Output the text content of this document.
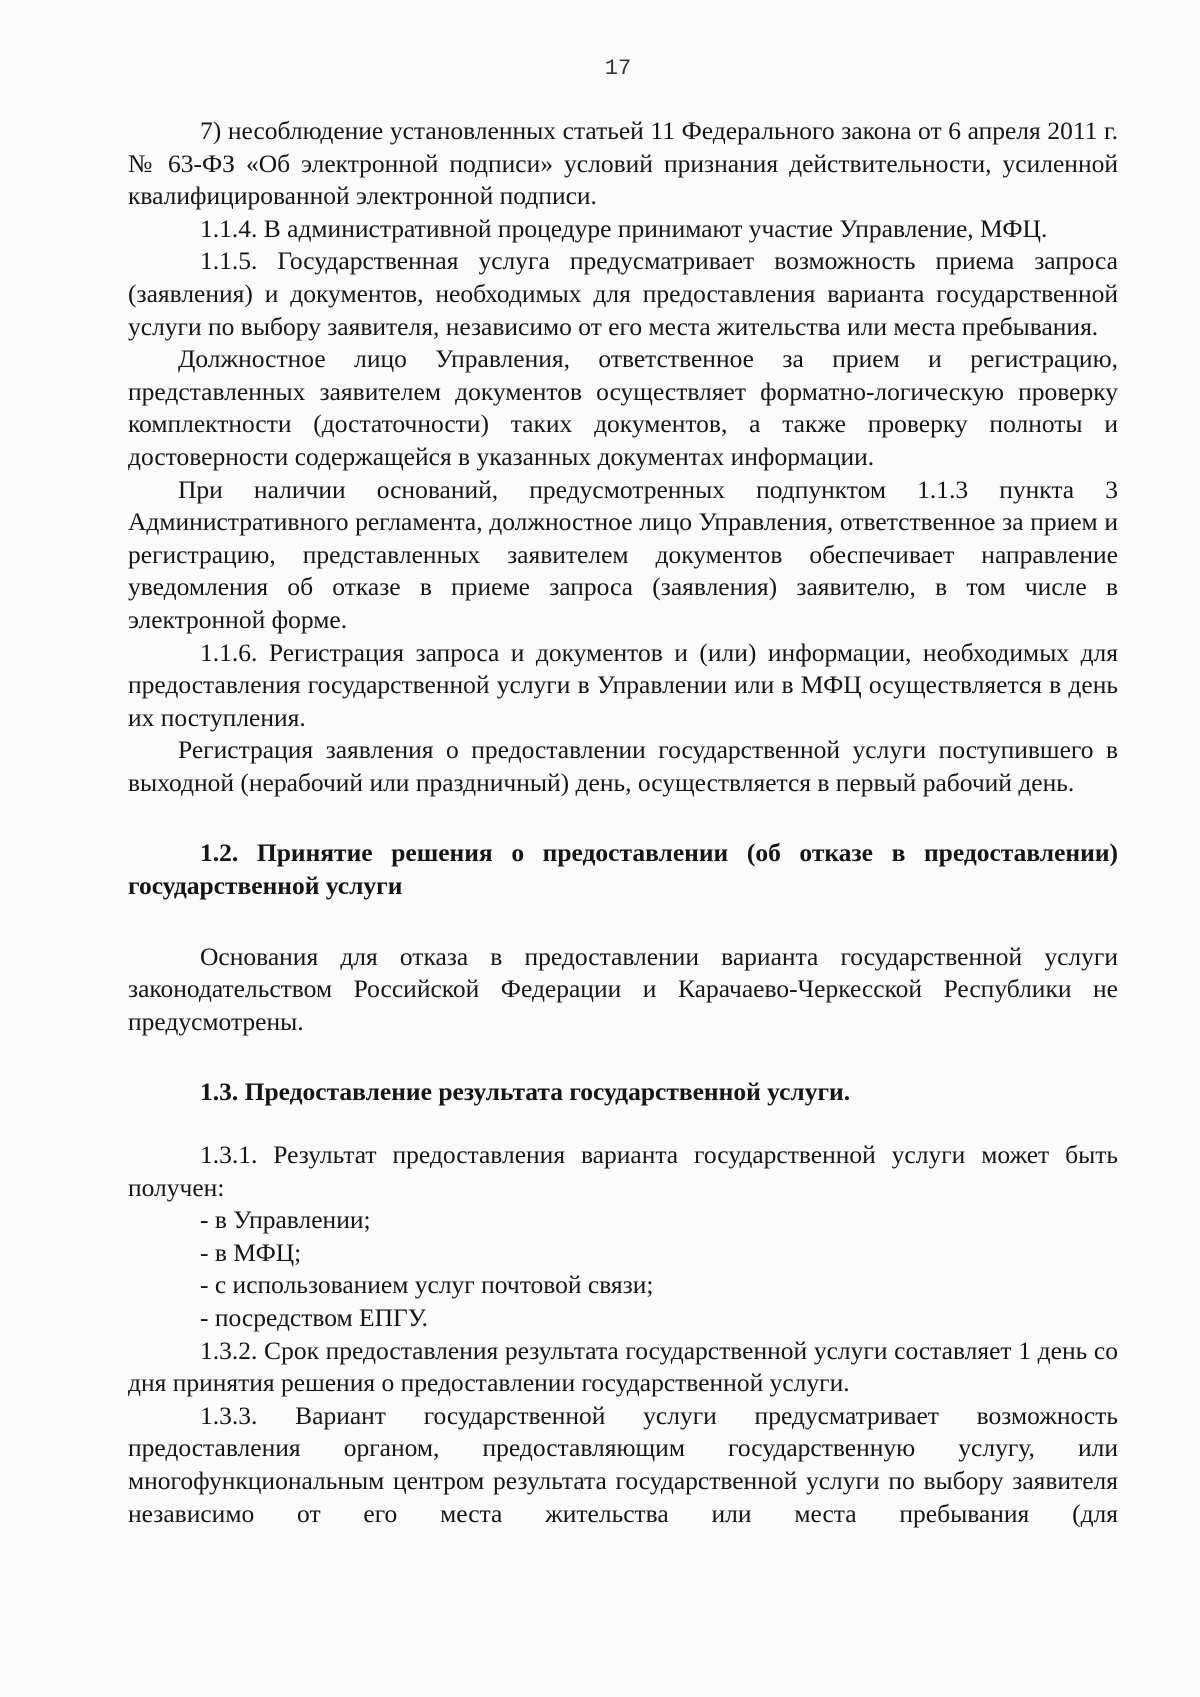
17

7) несоблюдение установленных статьей 11 Федерального закона от 6 апреля 2011 г. № 63-ФЗ «Об электронной подписи» условий признания действительности, усиленной квалифицированной электронной подписи.

1.1.4. В административной процедуре принимают участие Управление, МФЦ.

1.1.5. Государственная услуга предусматривает возможность приема запроса (заявления) и документов, необходимых для предоставления варианта государственной услуги по выбору заявителя, независимо от его места жительства или места пребывания.

Должностное лицо Управления, ответственное за прием и регистрацию, представленных заявителем документов осуществляет форматно-логическую проверку комплектности (достаточности) таких документов, а также проверку полноты и достоверности содержащейся в указанных документах информации.

При наличии оснований, предусмотренных подпунктом 1.1.3 пункта 3 Административного регламента, должностное лицо Управления, ответственное за прием и регистрацию, представленных заявителем документов обеспечивает направление уведомления об отказе в приеме запроса (заявления) заявителю, в том числе в электронной форме.

1.1.6. Регистрация запроса и документов и (или) информации, необходимых для предоставления государственной услуги в Управлении или в МФЦ осуществляется в день их поступления.

Регистрация заявления о предоставлении государственной услуги поступившего в выходной (нерабочий или праздничный) день, осуществляется в первый рабочий день.

1.2. Принятие решения о предоставлении (об отказе в предоставлении) государственной услуги

Основания для отказа в предоставлении варианта государственной услуги законодательством Российской Федерации и Карачаево-Черкесской Республики не предусмотрены.

1.3. Предоставление результата государственной услуги.

1.3.1. Результат предоставления варианта государственной услуги может быть получен:

- в Управлении;

- в МФЦ;

- с использованием услуг почтовой связи;

- посредством ЕПГУ.

1.3.2. Срок предоставления результата государственной услуги составляет 1 день со дня принятия решения о предоставлении государственной услуги.

1.3.3. Вариант государственной услуги предусматривает возможность предоставления органом, предоставляющим государственную услугу, или многофункциональным центром результата государственной услуги по выбору заявителя независимо от его места жительства или места пребывания (для
